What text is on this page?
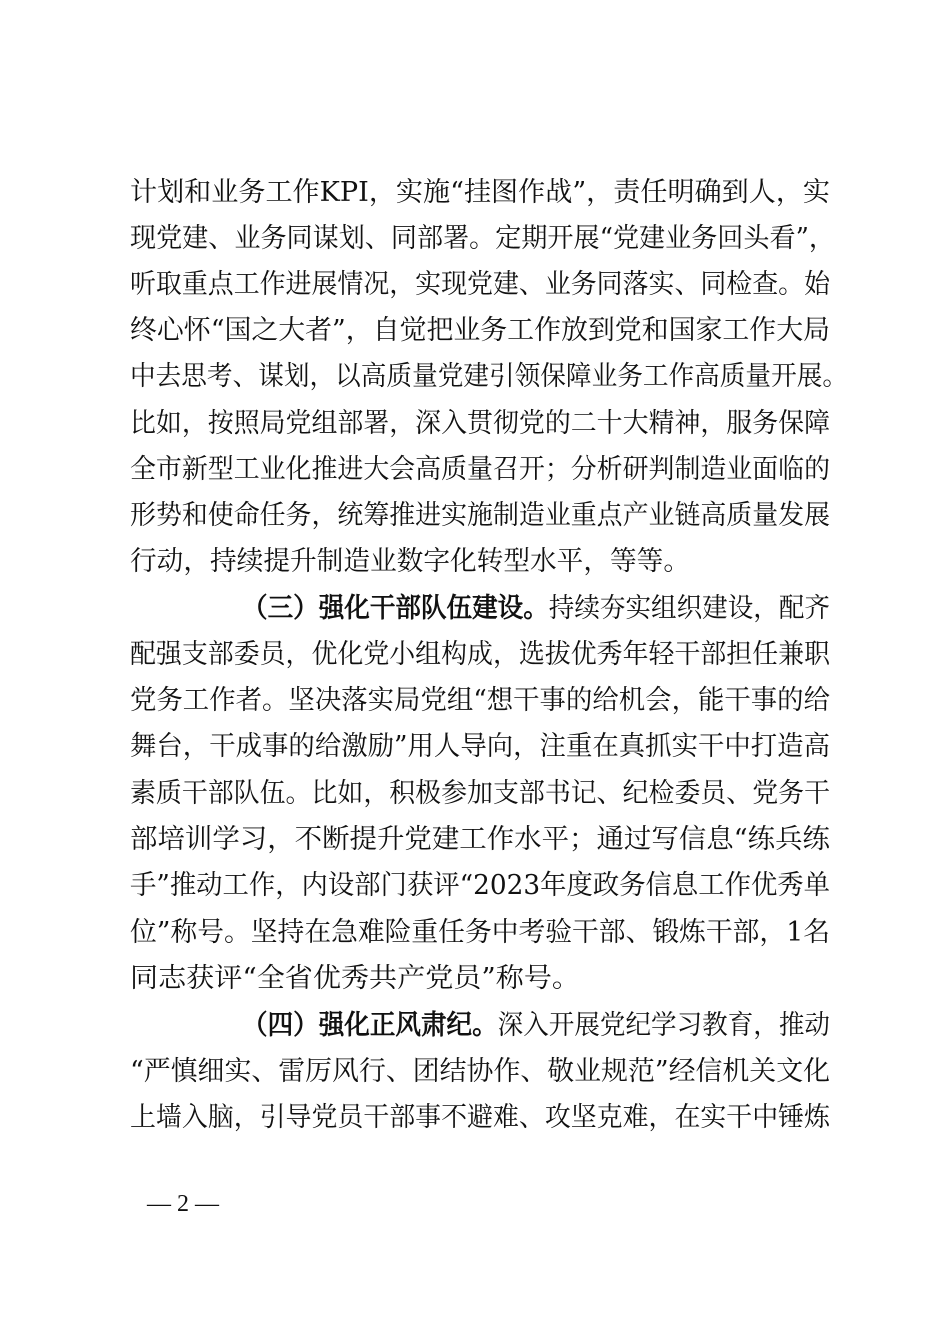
计划和业务工作KPI，实施“挂图作战”，责任明确到人，实
现党建、业务同谋划、同部署。定期开展“党建业务回头看”，
听取重点工作进展情况，实现党建、业务同落实、同检查。始
终心怀“国之大者”，自觉把业务工作放到党和国家工作大局
中去思考、谋划，以高质量党建引领保障业务工作高质量开展。
比如，按照局党组部署，深入贯彻党的二十大精神，服务保障
全市新型工业化推进大会高质量召开；分析研判制造业面临的
形势和使命任务，统筹推进实施制造业重点产业链高质量发展
行动，持续提升制造业数字化转型水平，等等。
（三）强化干部队伍建设。持续夯实组织建设，配齐
配强支部委员，优化党小组构成，选拔优秀年轻干部担任兼职
党务工作者。坚决落实局党组“想干事的给机会，能干事的给
舞台，干成事的给激励”用人导向，注重在真抓实干中打造高
素质干部队伍。比如，积极参加支部书记、纪检委员、党务干
部培训学习，不断提升党建工作水平；通过写信息“练兵练
手”推动工作，内设部门获评“2023年度政务信息工作优秀单
位”称号。坚持在急难险重任务中考验干部、锻炼干部，1名
同志获评“全省优秀共产党员”称号。
（四）强化正风肃纪。深入开展党纪学习教育，推动
“严慎细实、雷厉风行、团结协作、敬业规范”经信机关文化
上墙入脑，引导党员干部事不避难、攻坚克难，在实干中锤炼
— 2 —
